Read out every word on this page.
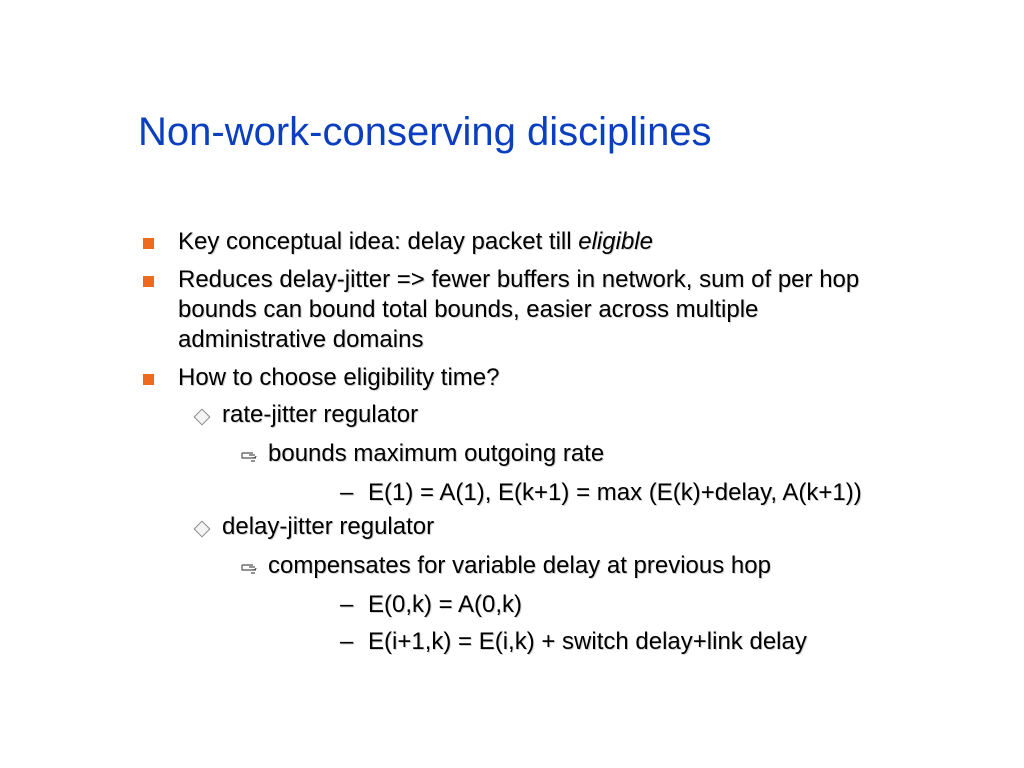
Non-work-conserving disciplines
Key conceptual idea: delay packet till eligible
Reduces delay-jitter => fewer buffers in network, sum of per hop
bounds can bound total bounds, easier across multiple
administrative domains
How to choose eligibility time?
rate-jitter regulator
bounds maximum outgoing rate
– E(1) = A(1), E(k+1) = max (E(k)+delay, A(k+1))
delay-jitter regulator
compensates for variable delay at previous hop
– E(0,k) = A(0,k)
– E(i+1,k) = E(i,k) + switch delay+link delay
